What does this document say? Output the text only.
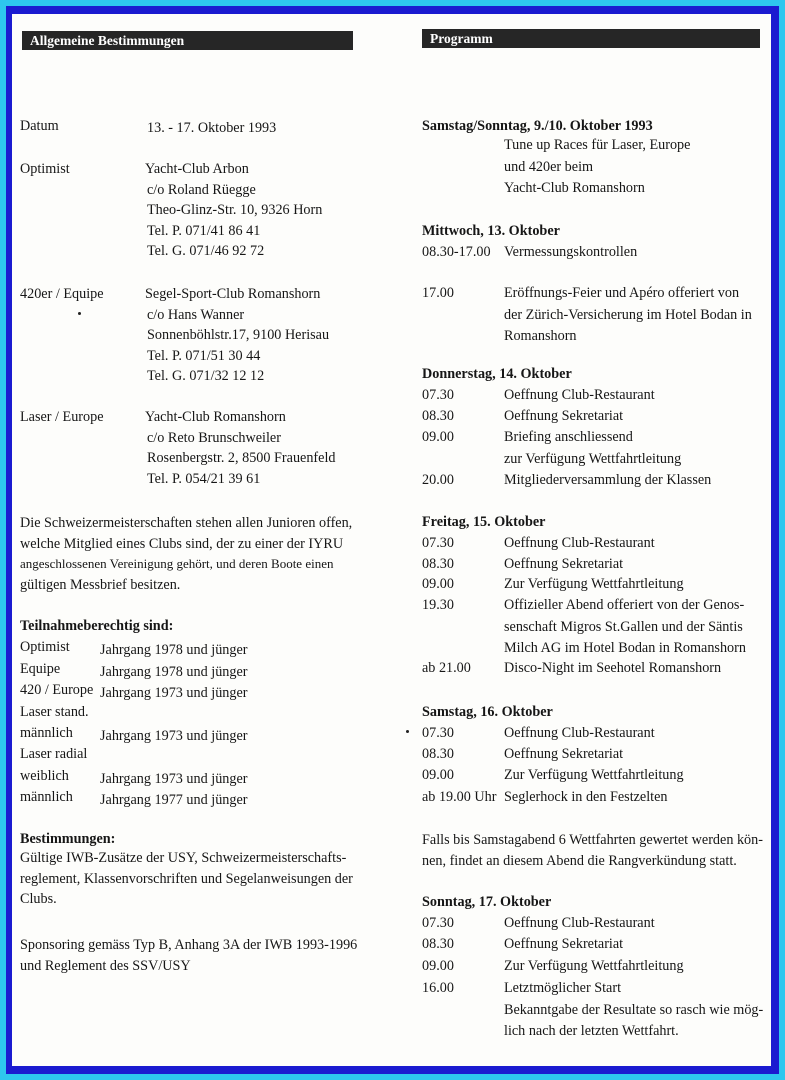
Allgemeine Bestimmungen	Programm
Datum	13. - 17. Oktober 1993
Optimist	Yacht-Club Arbon
c/o Roland Rüegge
Theo-Glinz-Str. 10, 9326 Horn
Tel. P. 071/41 86 41
Tel. G. 071/46 92 72
420er / Equipe	Segel-Sport-Club Romanshorn
c/o Hans Wanner
Sonnenböhlstr.17, 9100 Herisau
Tel. P. 071/51 30 44
Tel. G. 071/32 12 12
Laser / Europe	Yacht-Club Romanshorn
c/o Reto Brunschweiler
Rosenbergstr. 2, 8500 Frauenfeld
Tel. P. 054/21 39 61
Die Schweizermeisterschaften stehen allen Junioren offen,
welche Mitglied eines Clubs sind, der zu einer der IYRU
angeschlossenen Vereinigung gehört, und deren Boote einen
gültigen Messbrief besitzen.
Teilnahmeberechtig sind:
Optimist Jahrgang 1978 und jünger
Equipe	Jahrgang 1978 und jünger
420 / Europe Jahrgang 1973 und jünger
Laser stand.
männlich Jahrgang 1973 und jünger
Laser radial
weiblich Jahrgang 1973 und jünger
männlich Jahrgang 1977 und jünger
Bestimmungen:
Gültige IWB-Zusätze der USY, Schweizermeisterschafts-
reglement, Klassenvorschriften und Segelanweisungen der
Clubs.
Sponsoring gemäss Typ B, Anhang 3A der IWB 1993-1996
und Reglement des SSV/USY
Samstag/Sonntag, 9./10. Oktober 1993
Tune up Races für Laser, Europe
und 420er beim
Yacht-Club Romanshorn
Mittwoch, 13. Oktober
08.30-17.00 Vermessungskontrollen
17.00	Eröffnungs-Feier und Apéro offeriert von
der Zürich-Versicherung im Hotel Bodan in
Romanshorn
Donnerstag, 14. Oktober
07.30	Oeffnung Club-Restaurant
08.30	Oeffnung Sekretariat
09.00	Briefing anschliessend
zur Verfügung Wettfahrtleitung
20.00	Mitgliederversammlung der Klassen
Freitag, 15. Oktober
07.30	Oeffnung Club-Restaurant
08.30	Oeffnung Sekretariat
09.00	Zur Verfügung Wettfahrtleitung
19.30	Offizieller Abend offeriert von der Genos-
senschaft Migros St.Gallen und der Säntis
Milch AG im Hotel Bodan in Romanshorn
ab 21.00 Disco-Night im Seehotel Romanshorn
Samstag, 16. Oktober
07.30	Oeffnung Club-Restaurant
08.30	Oeffnung Sekretariat
09.00	Zur Verfügung Wettfahrtleitung
ab 19.00 Uhr Seglerhock in den Festzelten
Falls bis Samstagabend 6 Wettfahrten gewertet werden kön-
nen, findet an diesem Abend die Rangverkündung statt.
Sonntag, 17. Oktober
07.30	Oeffnung Club-Restaurant
08.30	Oeffnung Sekretariat
09.00	Zur Verfügung Wettfahrtleitung
16.00	Letztmöglicher Start
Bekanntgabe der Resultate so rasch wie mög-
lich nach der letzten Wettfahrt.
